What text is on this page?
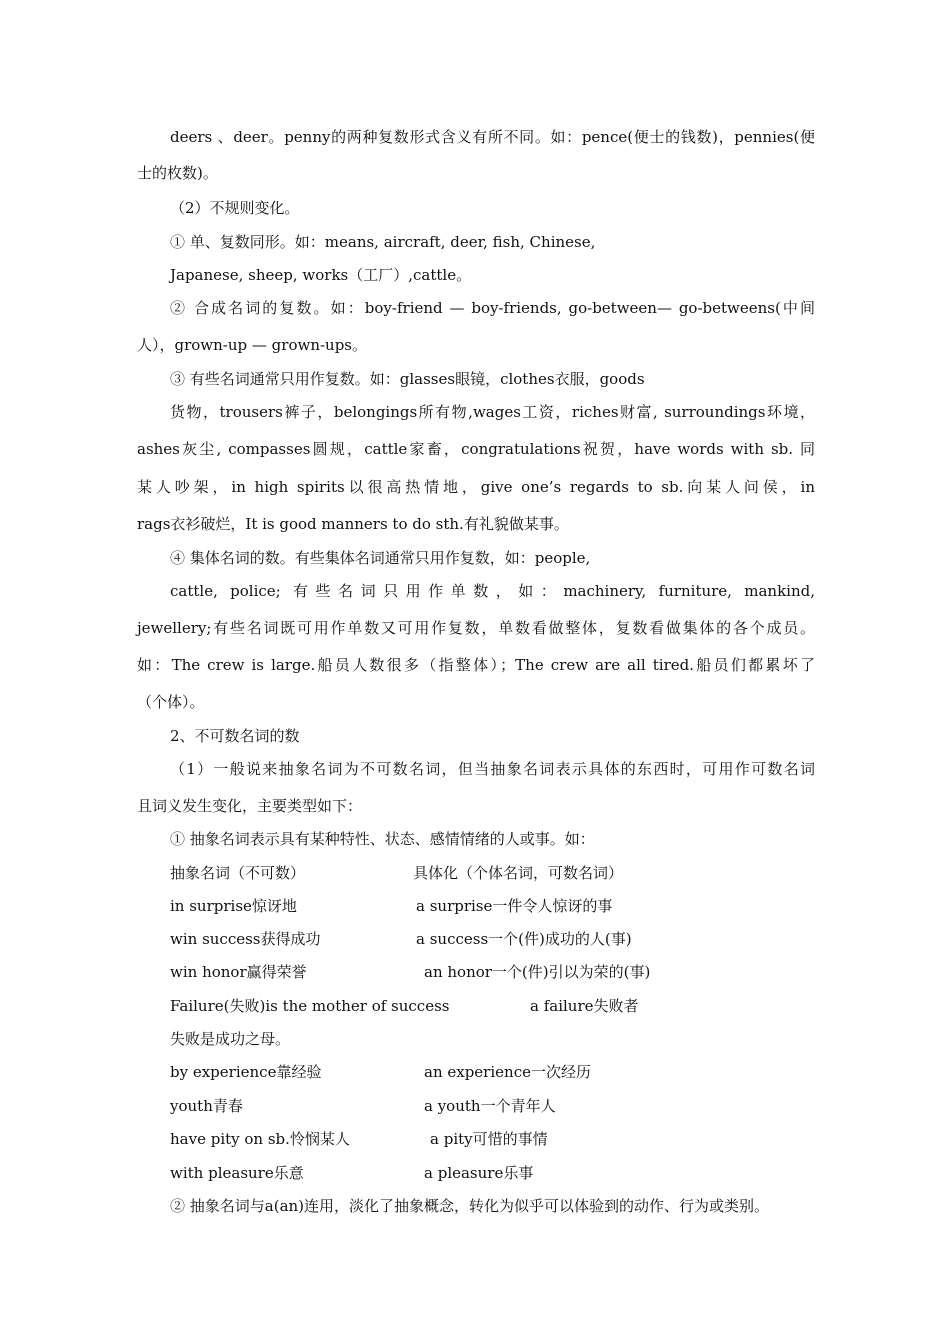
deers 、deer。penny的两种复数形式含义有所不同。如：pence(便士的钱数)，pennies(便
士的枚数)。
（2）不规则变化。
① 单、复数同形。如：means, aircraft, deer, fish, Chinese,
Japanese, sheep, works（工厂）,cattle。
② 合成名词的复数。如：boy-friend — boy-friends, go-between— go-betweens(中间
人），grown-up — grown-ups。
③ 有些名词通常只用作复数。如：glasses眼镜，clothes衣服，goods
货物，trousers裤子，belongings所有物,wages工资，riches财富, surroundings环境，
ashes灰尘, compasses圆规，cattle家畜，congratulations祝贺，have words with sb. 同
某人吵架，in high spirits以很高热情地，give one’s regards to sb.向某人问侯，in
rags衣衫破烂，It is good manners to do sth.有礼貌做某事。
④ 集体名词的数。有些集体名词通常只用作复数，如：people,
cattle, police; 有些名词只用作单数，如：machinery, furniture, mankind,
jewellery;有些名词既可用作单数又可用作复数，单数看做整体，复数看做集体的各个成员。
如：The crew is large.船员人数很多（指整体）；The crew are all tired.船员们都累坏了
（个体）。
2、不可数名词的数
（1）一般说来抽象名词为不可数名词，但当抽象名词表示具体的东西时，可用作可数名词
且词义发生变化，主要类型如下：
① 抽象名词表示具有某种特性、状态、感情情绪的人或事。如：
抽象名词（不可数）	具体化（个体名词，可数名词）
in surprise惊讶地	a surprise一件令人惊讶的事
win success获得成功	a success一个(件)成功的人(事)
win honor赢得荣誉	an honor一个(件)引以为荣的(事)
Failure(失败)is the mother of success	a failure失败者
失败是成功之母。
by experience靠经验	an experience一次经历
youth青春	a youth一个青年人
have pity on sb.怜悯某人	a pity可惜的事情
with pleasure乐意	a pleasure乐事
② 抽象名词与a(an)连用，淡化了抽象概念，转化为似乎可以体验到的动作、行为或类别。
